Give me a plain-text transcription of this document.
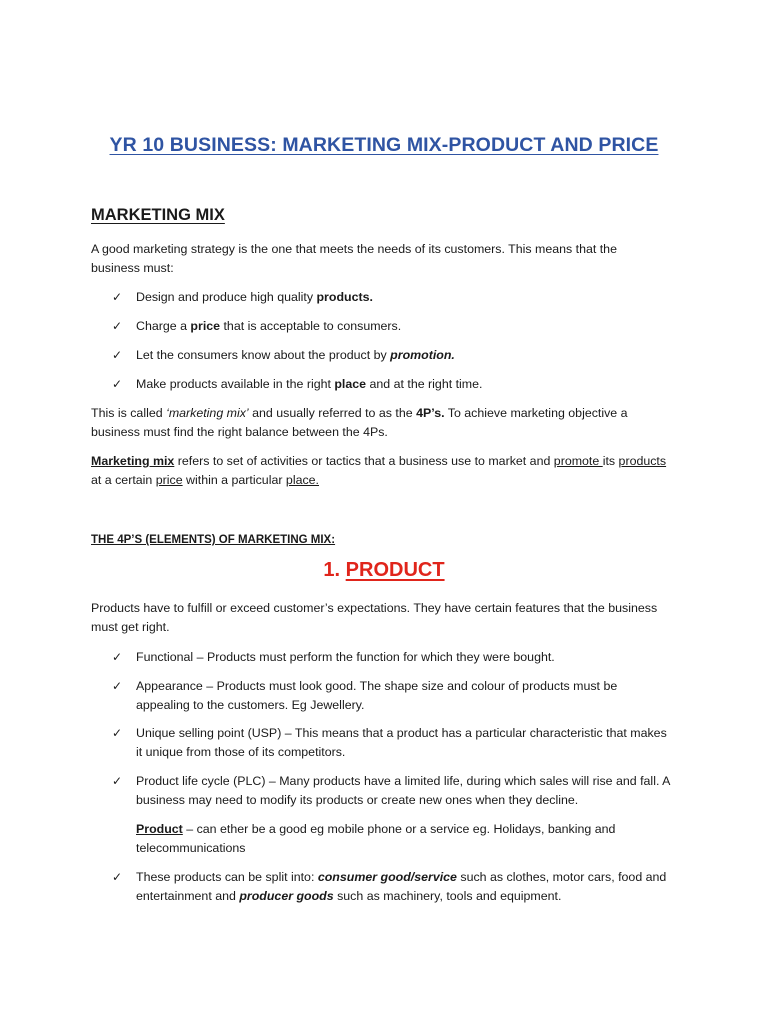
YR 10 BUSINESS: MARKETING MIX-PRODUCT AND PRICE
MARKETING MIX

A good marketing strategy is the one that meets the needs of its customers. This means that the
business must:

✓	Design and produce high quality products.

✓	Charge a price that is acceptable to consumers.

✓	Let the consumers know about the product by promotion.

✓	Make products available in the right place and at the right time.

This is called ‘marketing mix’ and usually referred to as the 4P’s. To achieve marketing objective a
business must find the right balance between the 4Ps.

Marketing mix refers to set of activities or tactics that a business use to market and promote its products
at a certain price within a particular place.

THE 4P’S (ELEMENTS) OF MARKETING MIX:
1. PRODUCT

Products have to fulfill or exceed customer’s expectations. They have certain features that the business
must get right.

✓	Functional – Products must perform the function for which they were bought.

✓	Appearance – Products must look good. The shape size and colour of products must be
appealing to the customers. Eg Jewellery.

✓	Unique selling point (USP) – This means that a product has a particular characteristic that makes
it unique from those of its competitors.

✓	Product life cycle (PLC) – Many products have a limited life, during which sales will rise and fall. A
business may need to modify its products or create new ones when they decline.

Product – can ether be a good eg mobile phone or a service eg. Holidays, banking and
telecommunications

✓	These products can be split into: consumer good/service such as clothes, motor cars, food and
entertainment and producer goods such as machinery, tools and equipment.
